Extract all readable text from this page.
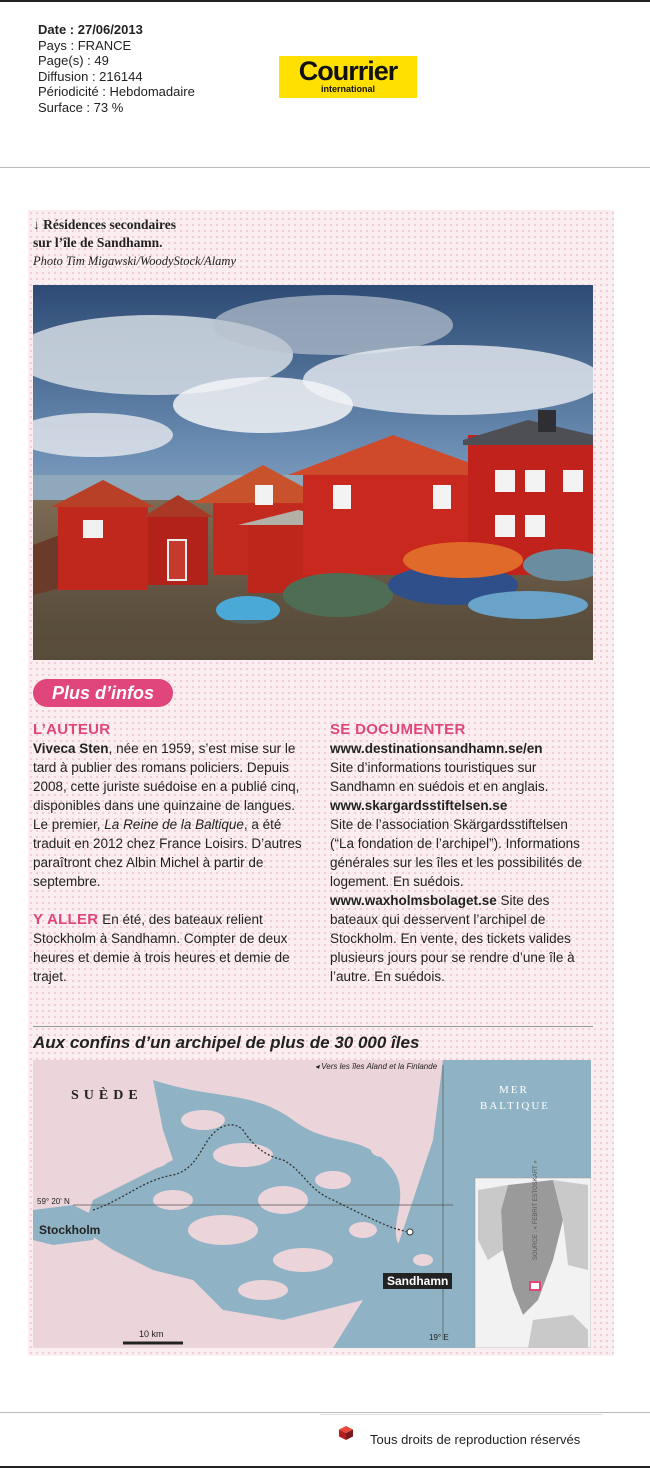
Date : 27/06/2013
Pays : FRANCE
Page(s) : 49
Diffusion : 216144
Périodicité : Hebdomadaire
Surface : 73 %
Courrier
international
↓ Résidences secondaires
sur l’île de Sandhamn.
Photo Tim Migawski/WoodyStock/Alamy
Plus d’infos
L’AUTEUR
Viveca Sten, née en 1959, s’est mise sur le tard à publier des romans policiers. Depuis 2008, cette juriste suédoise en a publié cinq, disponibles dans une quinzaine de langues.
Le premier, La Reine de la Baltique, a été traduit en 2012 chez France Loisirs. D’autres paraîtront chez Albin Michel à partir de septembre.
Y ALLER En été, des bateaux relient Stockholm à Sandhamn. Compter de deux heures et demie à trois heures et demie de trajet.
SE DOCUMENTER
www.destinationsandhamn.se/en
Site d’informations touristiques sur Sandhamn en suédois et en anglais.
www.skargardsstiftelsen.se
Site de l’association Skärgardsstiftelsen (“La fondation de l’archipel”). Informations générales sur les îles et les possibilités de logement. En suédois.
www.waxholmsbolaget.se Site des bateaux qui desservent l’archipel de Stockholm. En vente, des tickets valides plusieurs jours pour se rendre d’une île à l’autre. En suédois.
Aux confins d’un archipel de plus de 30 000 îles
SUÈDE	MER
BALTIQUE
◂ Vers les îles Aland et la Finlande
59° 20' N
19° E
Stockholm
Sandhamn
10 km
SOURCE : « FEBRIT ESTOSKART »
Tous droits de reproduction réservés
